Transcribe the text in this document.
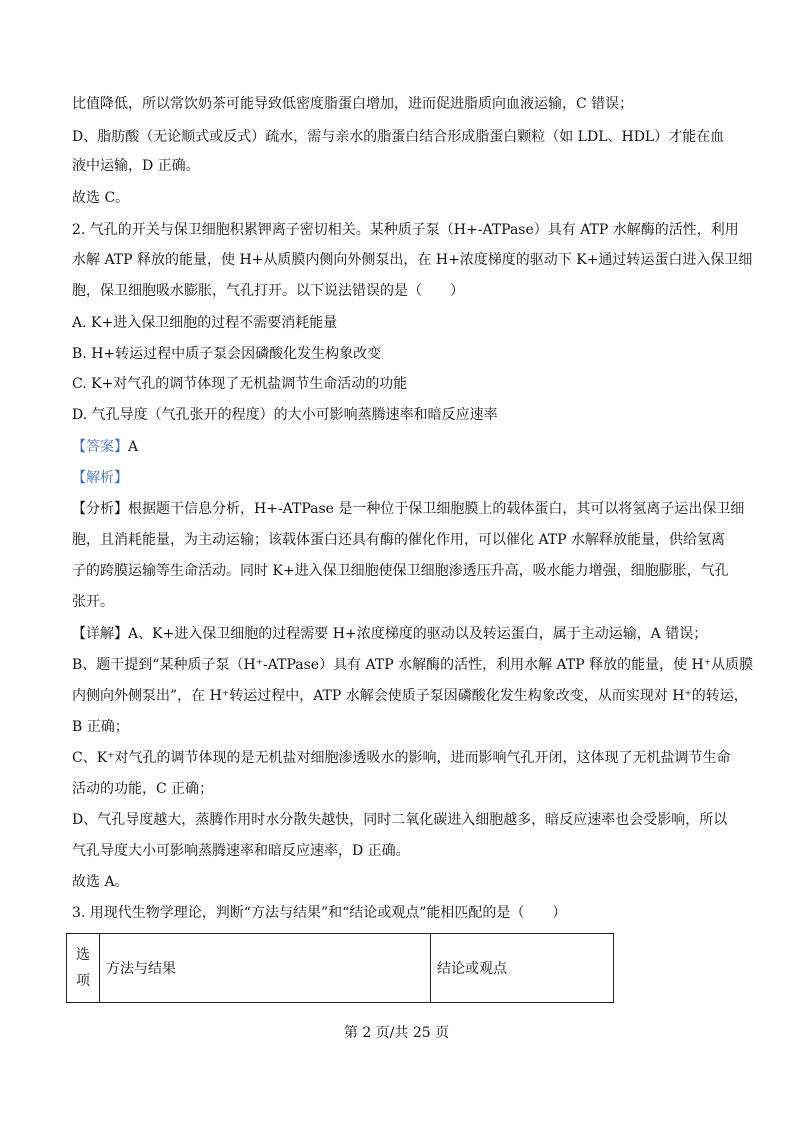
比值降低，所以常饮奶茶可能导致低密度脂蛋白增加，进而促进脂质向血液运输，C 错误；
D、脂肪酸（无论顺式或反式）疏水，需与亲水的脂蛋白结合形成脂蛋白颗粒（如 LDL、HDL）才能在血
液中运输，D 正确。
故选 C。
2. 气孔的开关与保卫细胞积累钾离子密切相关。某种质子泵（H+-ATPase）具有 ATP 水解酶的活性，利用
水解 ATP 释放的能量，使 H+从质膜内侧向外侧泵出，在 H+浓度梯度的驱动下 K+通过转运蛋白进入保卫细
胞，保卫细胞吸水膨胀，气孔打开。以下说法错误的是（　　）
A. K+进入保卫细胞的过程不需要消耗能量
B. H+转运过程中质子泵会因磷酸化发生构象改变
C. K+对气孔的调节体现了无机盐调节生命活动的功能
D. 气孔导度（气孔张开的程度）的大小可影响蒸腾速率和暗反应速率
【答案】A
【解析】
【分析】根据题干信息分析，H+-ATPase 是一种位于保卫细胞膜上的载体蛋白，其可以将氢离子运出保卫细
胞，且消耗能量，为主动运输；该载体蛋白还具有酶的催化作用，可以催化 ATP 水解释放能量，供给氢离
子的跨膜运输等生命活动。同时 K+进入保卫细胞使保卫细胞渗透压升高，吸水能力增强，细胞膨胀，气孔
张开。
【详解】A、K+进入保卫细胞的过程需要 H+浓度梯度的驱动以及转运蛋白，属于主动运输，A 错误；
B、题干提到“某种质子泵（H⁺-ATPase）具有 ATP 水解酶的活性，利用水解 ATP 释放的能量，使 H⁺从质膜
内侧向外侧泵出”，在 H⁺转运过程中，ATP 水解会使质子泵因磷酸化发生构象改变，从而实现对 H⁺的转运，
B 正确；
C、K⁺对气孔的调节体现的是无机盐对细胞渗透吸水的影响，进而影响气孔开闭，这体现了无机盐调节生命
活动的功能，C 正确；
D、气孔导度越大，蒸腾作用时水分散失越快，同时二氧化碳进入细胞越多，暗反应速率也会受影响，所以
气孔导度大小可影响蒸腾速率和暗反应速率，D 正确。
故选 A。
3. 用现代生物学理论，判断“方法与结果”和“结论或观点”能相匹配的是（　　）
选项	方法与结果	结论或观点
第 2 页/共 25 页
